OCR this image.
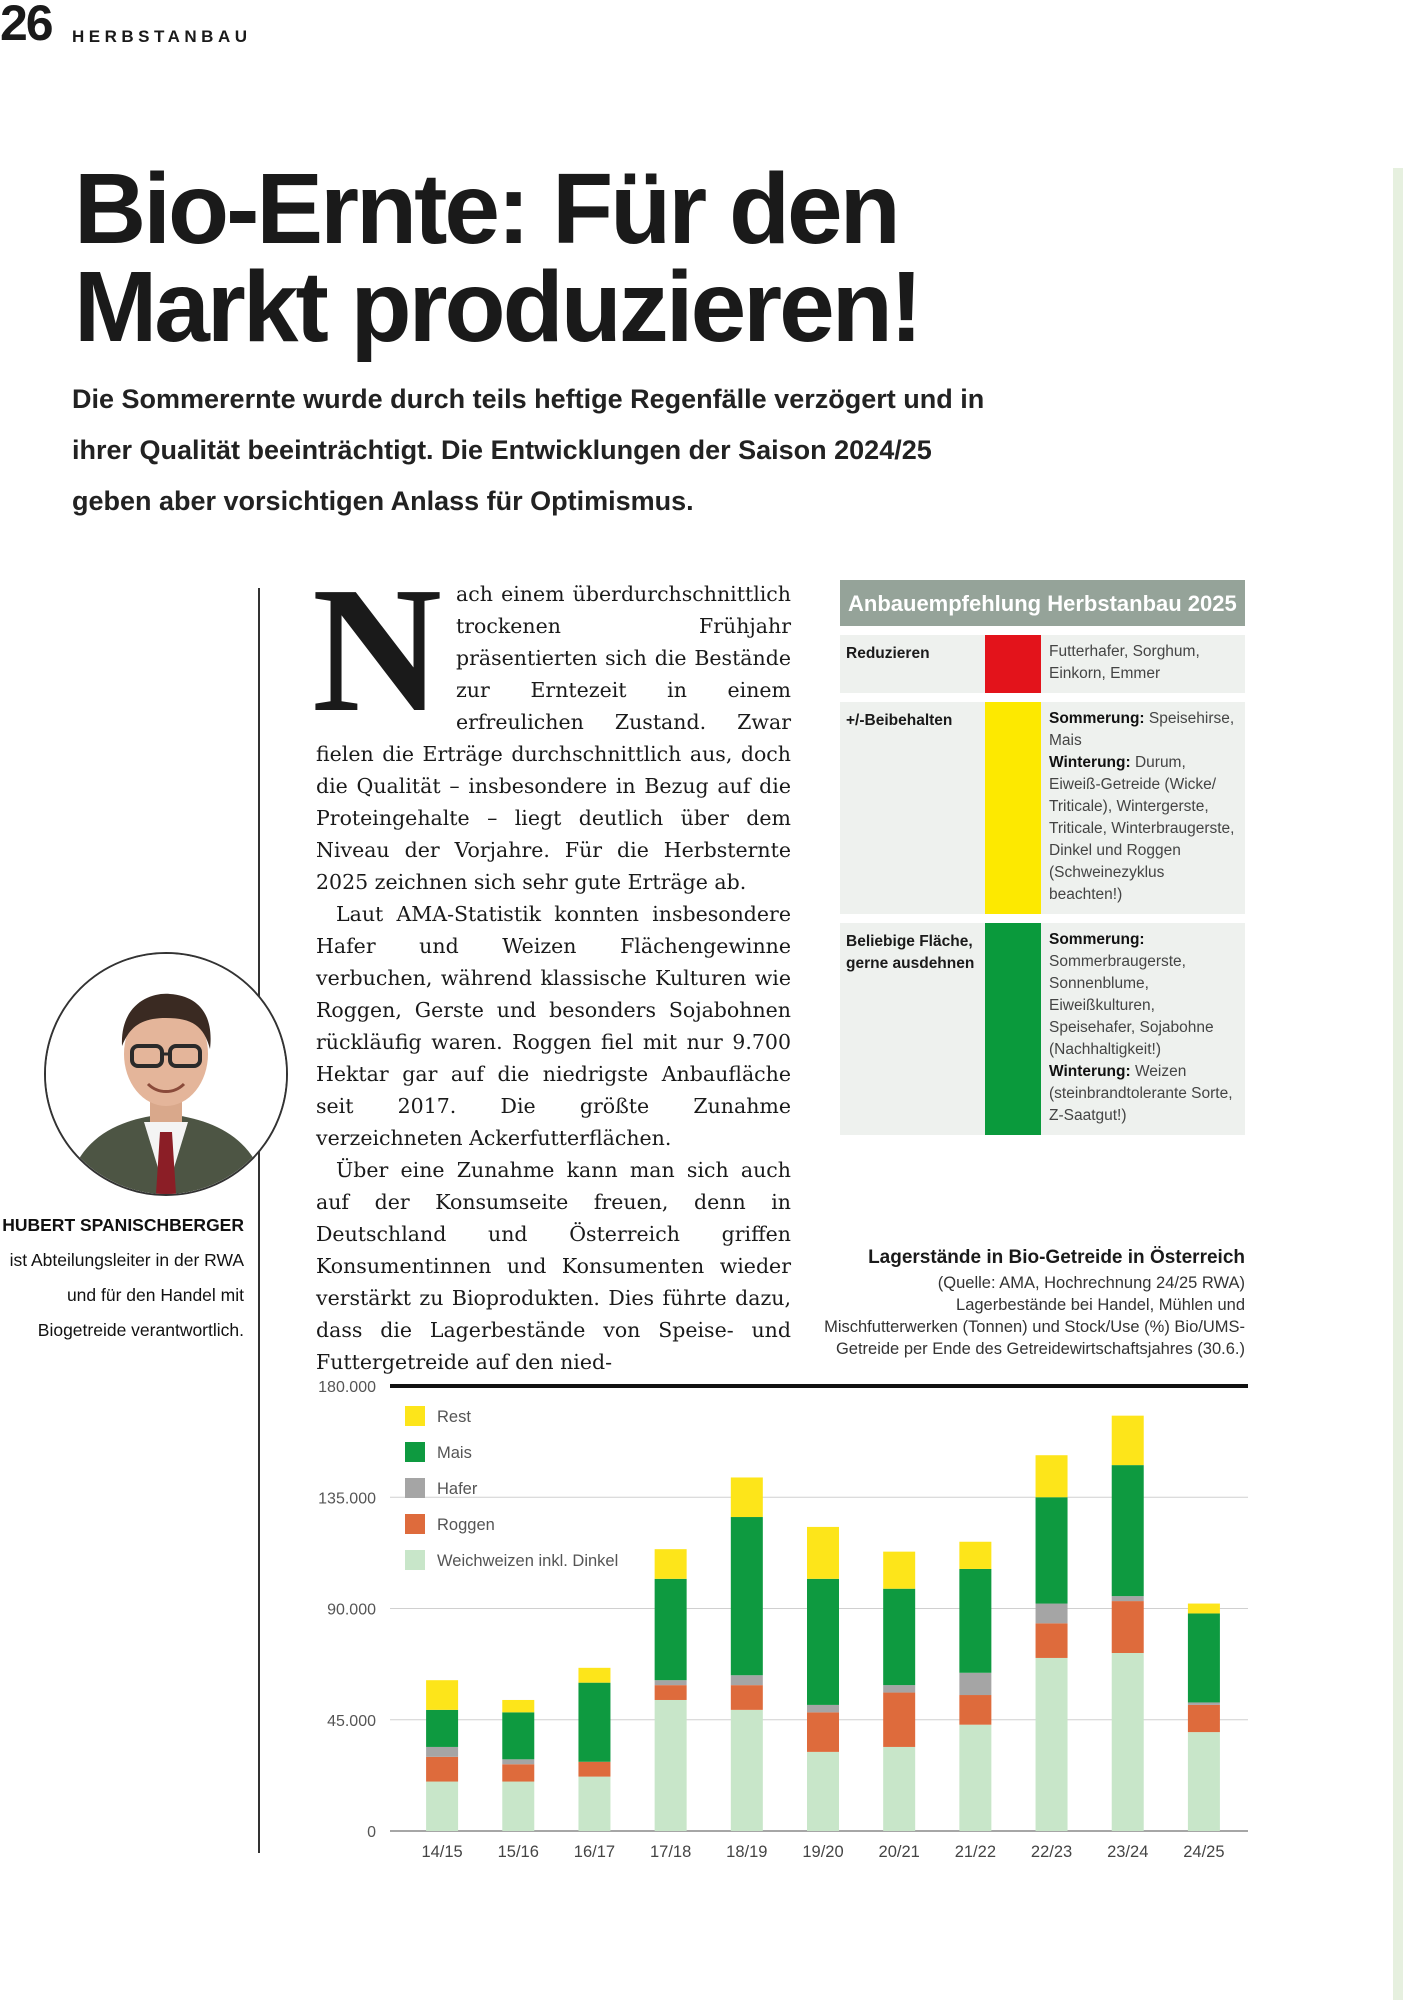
26 HERBSTANBAU
Bio-Ernte: Für den Markt produzieren!

Die Sommerernte wurde durch teils heftige Regenfälle verzögert und in ihrer Qualität beeinträchtigt. Die Entwicklungen der Saison 2024/25 geben aber vorsichtigen Anlass für Optimismus.

HUBERT SPANISCHBERGER ist Abteilungsleiter in der RWA und für den Handel mit Biogetreide verantwortlich.

Nach einem überdurchschnittlich trockenen Frühjahr präsentierten sich die Bestände zur Erntezeit in einem erfreulichen Zustand. Zwar fielen die Erträge durchschnittlich aus, doch die Qualität – insbesondere in Bezug auf die Proteingehalte – liegt deutlich über dem Niveau der Vorjahre. Für die Herbsternte 2025 zeichnen sich sehr gute Erträge ab.

Laut AMA-Statistik konnten insbesondere Hafer und Weizen Flächengewinne verbuchen, während klassische Kulturen wie Roggen, Gerste und besonders Sojabohnen rückläufig waren. Roggen fiel mit nur 9.700 Hektar gar auf die niedrigste Anbaufläche seit 2017. Die größte Zunahme verzeichneten Ackerfutterflächen.

Über eine Zunahme kann man sich auch auf der Konsumseite freuen, denn in Deutschland und Österreich griffen Konsumentinnen und Konsumenten wieder verstärkt zu Bioprodukten. Dies führte dazu, dass die Lagerbestände von Speise- und Futtergetreide auf den nied-

Anbauempfehlung Herbstanbau 2025
Reduzieren	Futterhafer, Sorghum, Einkorn, Emmer
+/-Beibehalten	Sommerung: Speisehirse, Mais
Winterung: Durum, Eiweiß-Getreide (Wicke/ Triticale), Wintergerste, Triticale, Winterbraugerste, Dinkel und Roggen (Schweinezyklus beachten!)
Beliebige Fläche, gerne ausdehnen
Sommerung: Sommerbraugerste, Sonnenblume, Eiweißkulturen, Speisehafer, Sojabohne (Nachhaltigkeit!)
Winterung: Weizen (steinbrandtolerante Sorte, Z-Saatgut!)
Lagerstände in Bio-Getreide in Österreich
(Quelle: AMA, Hochrechnung 24/25 RWA)
Lagerbestände bei Handel, Mühlen und Mischfutterwerken (Tonnen) und Stock/Use (%) Bio/UMS-Getreide per Ende des Getreidewirtschaftsjahres (30.6.)
0
45.000
90.000
135.000
180.000
14/15 15/16 16/17 17/18 18/19 19/20 20/21 21/22 22/23 23/24 24/25
Rest
Mais
Hafer
Roggen
Weichweizen inkl. Dinkel
